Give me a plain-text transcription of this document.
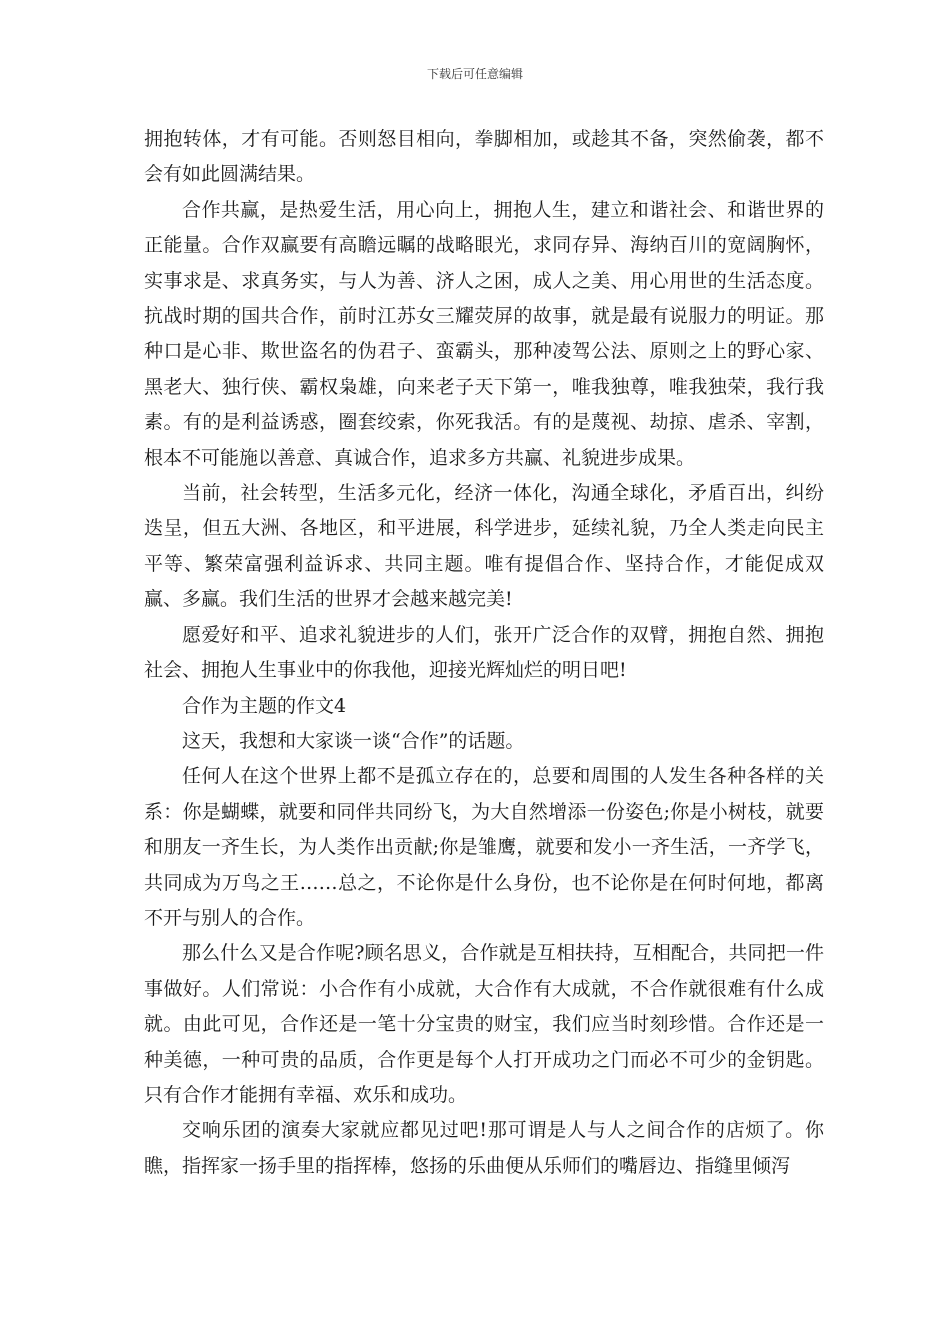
下载后可任意编辑

拥抱转体，才有可能。否则怒目相向，拳脚相加，或趁其不备，突然偷袭，都不会有如此圆满结果。

合作共赢，是热爱生活，用心向上，拥抱人生，建立和谐社会、和谐世界的正能量。合作双赢要有高瞻远瞩的战略眼光，求同存异、海纳百川的宽阔胸怀，实事求是、求真务实，与人为善、济人之困，成人之美、用心用世的生活态度。抗战时期的国共合作，前时江苏女三耀荧屏的故事，就是最有说服力的明证。那种口是心非、欺世盗名的伪君子、蛮霸头，那种凌驾公法、原则之上的野心家、黑老大、独行侠、霸权枭雄，向来老子天下第一，唯我独尊，唯我独荣，我行我素。有的是利益诱惑，圈套绞索，你死我活。有的是蔑视、劫掠、虐杀、宰割，根本不可能施以善意、真诚合作，追求多方共赢、礼貌进步成果。

当前，社会转型，生活多元化，经济一体化，沟通全球化，矛盾百出，纠纷迭呈，但五大洲、各地区，和平进展，科学进步，延续礼貌，乃全人类走向民主平等、繁荣富强利益诉求、共同主题。唯有提倡合作、坚持合作，才能促成双赢、多赢。我们生活的世界才会越来越完美!

愿爱好和平、追求礼貌进步的人们，张开广泛合作的双臂，拥抱自然、拥抱社会、拥抱人生事业中的你我他，迎接光辉灿烂的明日吧!

合作为主题的作文4

这天，我想和大家谈一谈“合作”的话题。

任何人在这个世界上都不是孤立存在的，总要和周围的人发生各种各样的关系：你是蝴蝶，就要和同伴共同纷飞，为大自然增添一份姿色;你是小树枝，就要和朋友一齐生长，为人类作出贡献;你是雏鹰，就要和发小一齐生活，一齐学飞，共同成为万鸟之王……总之，不论你是什么身份，也不论你是在何时何地，都离不开与别人的合作。

那么什么又是合作呢?顾名思义，合作就是互相扶持，互相配合，共同把一件事做好。人们常说：小合作有小成就，大合作有大成就，不合作就很难有什么成就。由此可见，合作还是一笔十分宝贵的财宝，我们应当时刻珍惜。合作还是一种美德，一种可贵的品质，合作更是每个人打开成功之门而必不可少的金钥匙。只有合作才能拥有幸福、欢乐和成功。

交响乐团的演奏大家就应都见过吧!那可谓是人与人之间合作的店烦了。你瞧，指挥家一扬手里的指挥棒，悠扬的乐曲便从乐师们的嘴唇边、指缝里倾泻
